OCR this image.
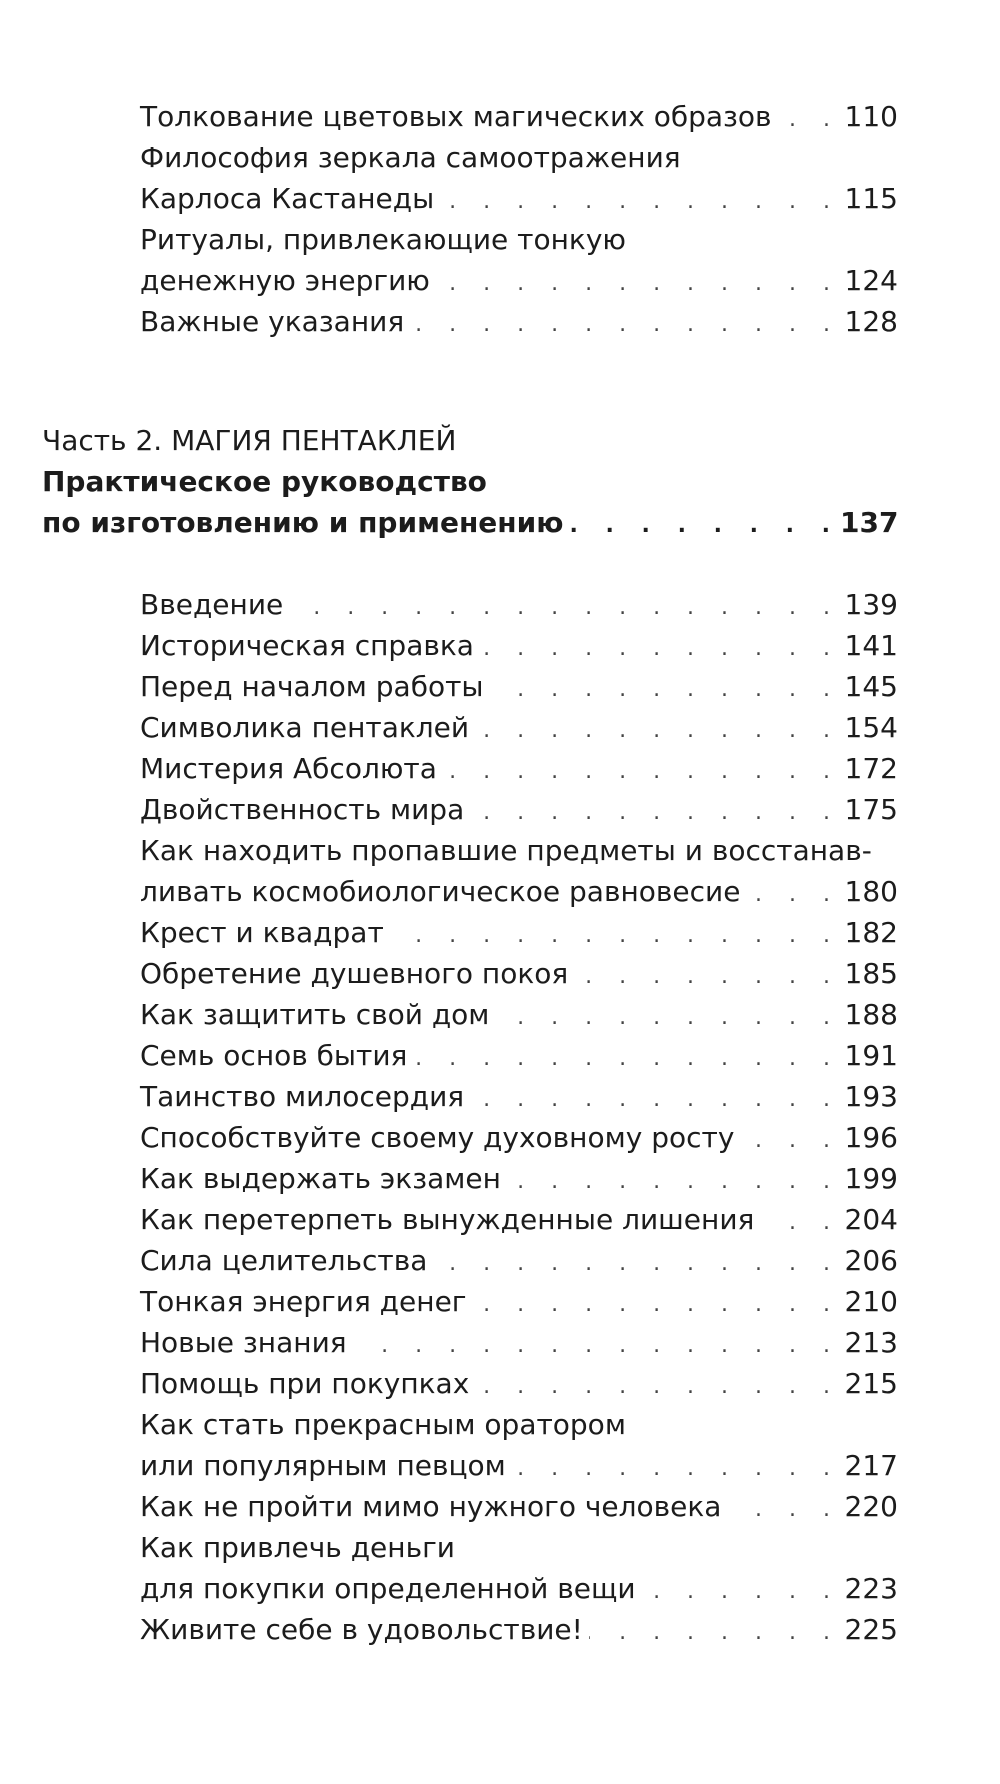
Толкование цветовых магических образов . . .	110
Философия зеркала самоотражения
Карлоса Кастанеды . . .	115
Ритуалы, привлекающие тонкую
денежную энергию . . .	124
Важные указания . . .	128
Часть 2. МАГИЯ ПЕНТАКЛЕЙ
Практическое руководство
по изготовлению и применению . . .	137
Введение . . .	139
Историческая справка . . .	141
Перед началом работы . . .	145
Символика пентаклей . . .	154
Мистерия Абсолюта . . .	172
Двойственность мира . . .	175
Как находить пропавшие предметы и восстанав-
ливать космобиологическое равновесие . . .	180
Крест и квадрат . . .	182
Обретение душевного покоя . . .	185
Как защитить свой дом . . .	188
Семь основ бытия . . .	191
Таинство милосердия . . .	193
Способствуйте своему духовному росту . . .	196
Как выдержать экзамен . . .	199
Как перетерпеть вынужденные лишения . . .	204
Сила целительства . . .	206
Тонкая энергия денег . . .	210
Новые знания . . .	213
Помощь при покупках . . .	215
Как стать прекрасным оратором
или популярным певцом . . .	217
Как не пройти мимо нужного человека . . .	220
Как привлечь деньги
для покупки определенной вещи . . .	223
Живите себе в удовольствие! . . .	225
